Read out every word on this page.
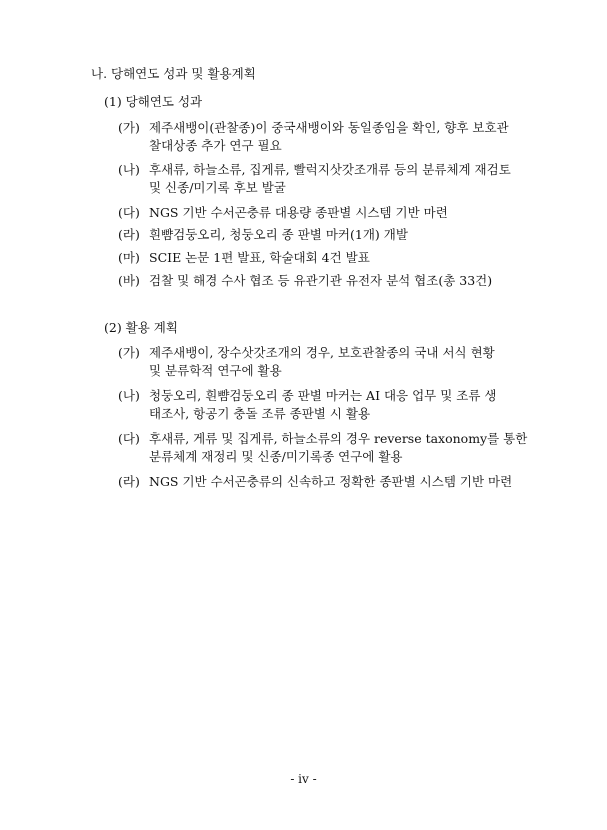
나. 당해연도 성과 및 활용계획
(1) 당해연도 성과
(가) 제주새뱅이(관찰종)이 중국새뱅이와 동일종임을 확인, 향후 보호관
찰대상종 추가 연구 필요
(나) 후새류, 하늘소류, 집게류, 빨럭지삿갓조개류 등의 분류체계 재검토
및 신종/미기록 후보 발굴
(다) NGS 기반 수서곤충류 대용량 종판별 시스템 기반 마련
(라) 흰뺨검둥오리, 청둥오리 종 판별 마커(1개) 개발
(마) SCIE 논문 1편 발표, 학술대회 4건 발표
(바) 검찰 및 해경 수사 협조 등 유관기관 유전자 분석 협조(총 33건)
(2) 활용 계획
(가) 제주새뱅이, 장수삿갓조개의 경우, 보호관찰종의 국내 서식 현황
및 분류학적 연구에 활용
(나) 청둥오리, 흰뺨검둥오리 종 판별 마커는 AI 대응 업무 및 조류 생
태조사, 항공기 충돌 조류 종판별 시 활용
(다) 후새류, 게류 및 집게류, 하늘소류의 경우 reverse taxonomy를 통한
분류체계 재정리 및 신종/미기록종 연구에 활용
(라) NGS 기반 수서곤충류의 신속하고 정확한 종판별 시스템 기반 마련
- iv -
